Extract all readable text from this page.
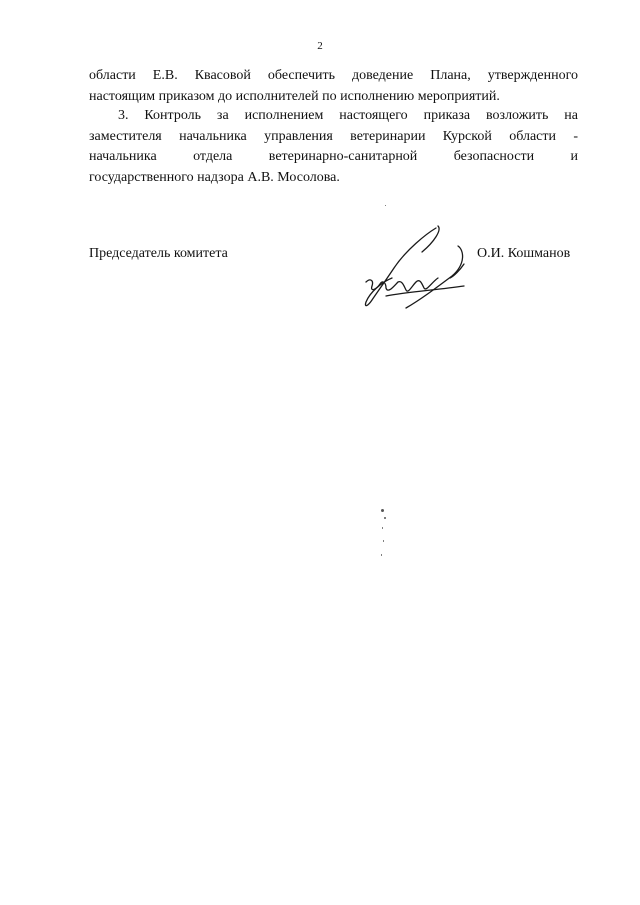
2
области Е.В. Квасовой обеспечить доведение Плана, утвержденного
настоящим приказом до исполнителей по исполнению мероприятий.
3. Контроль за исполнением настоящего приказа возложить на
заместителя начальника управления ветеринарии Курской области -
начальника отдела ветеринарно-санитарной безопасности и
государственного надзора А.В. Мосолова.
Председатель комитета	О.И. Кошманов
